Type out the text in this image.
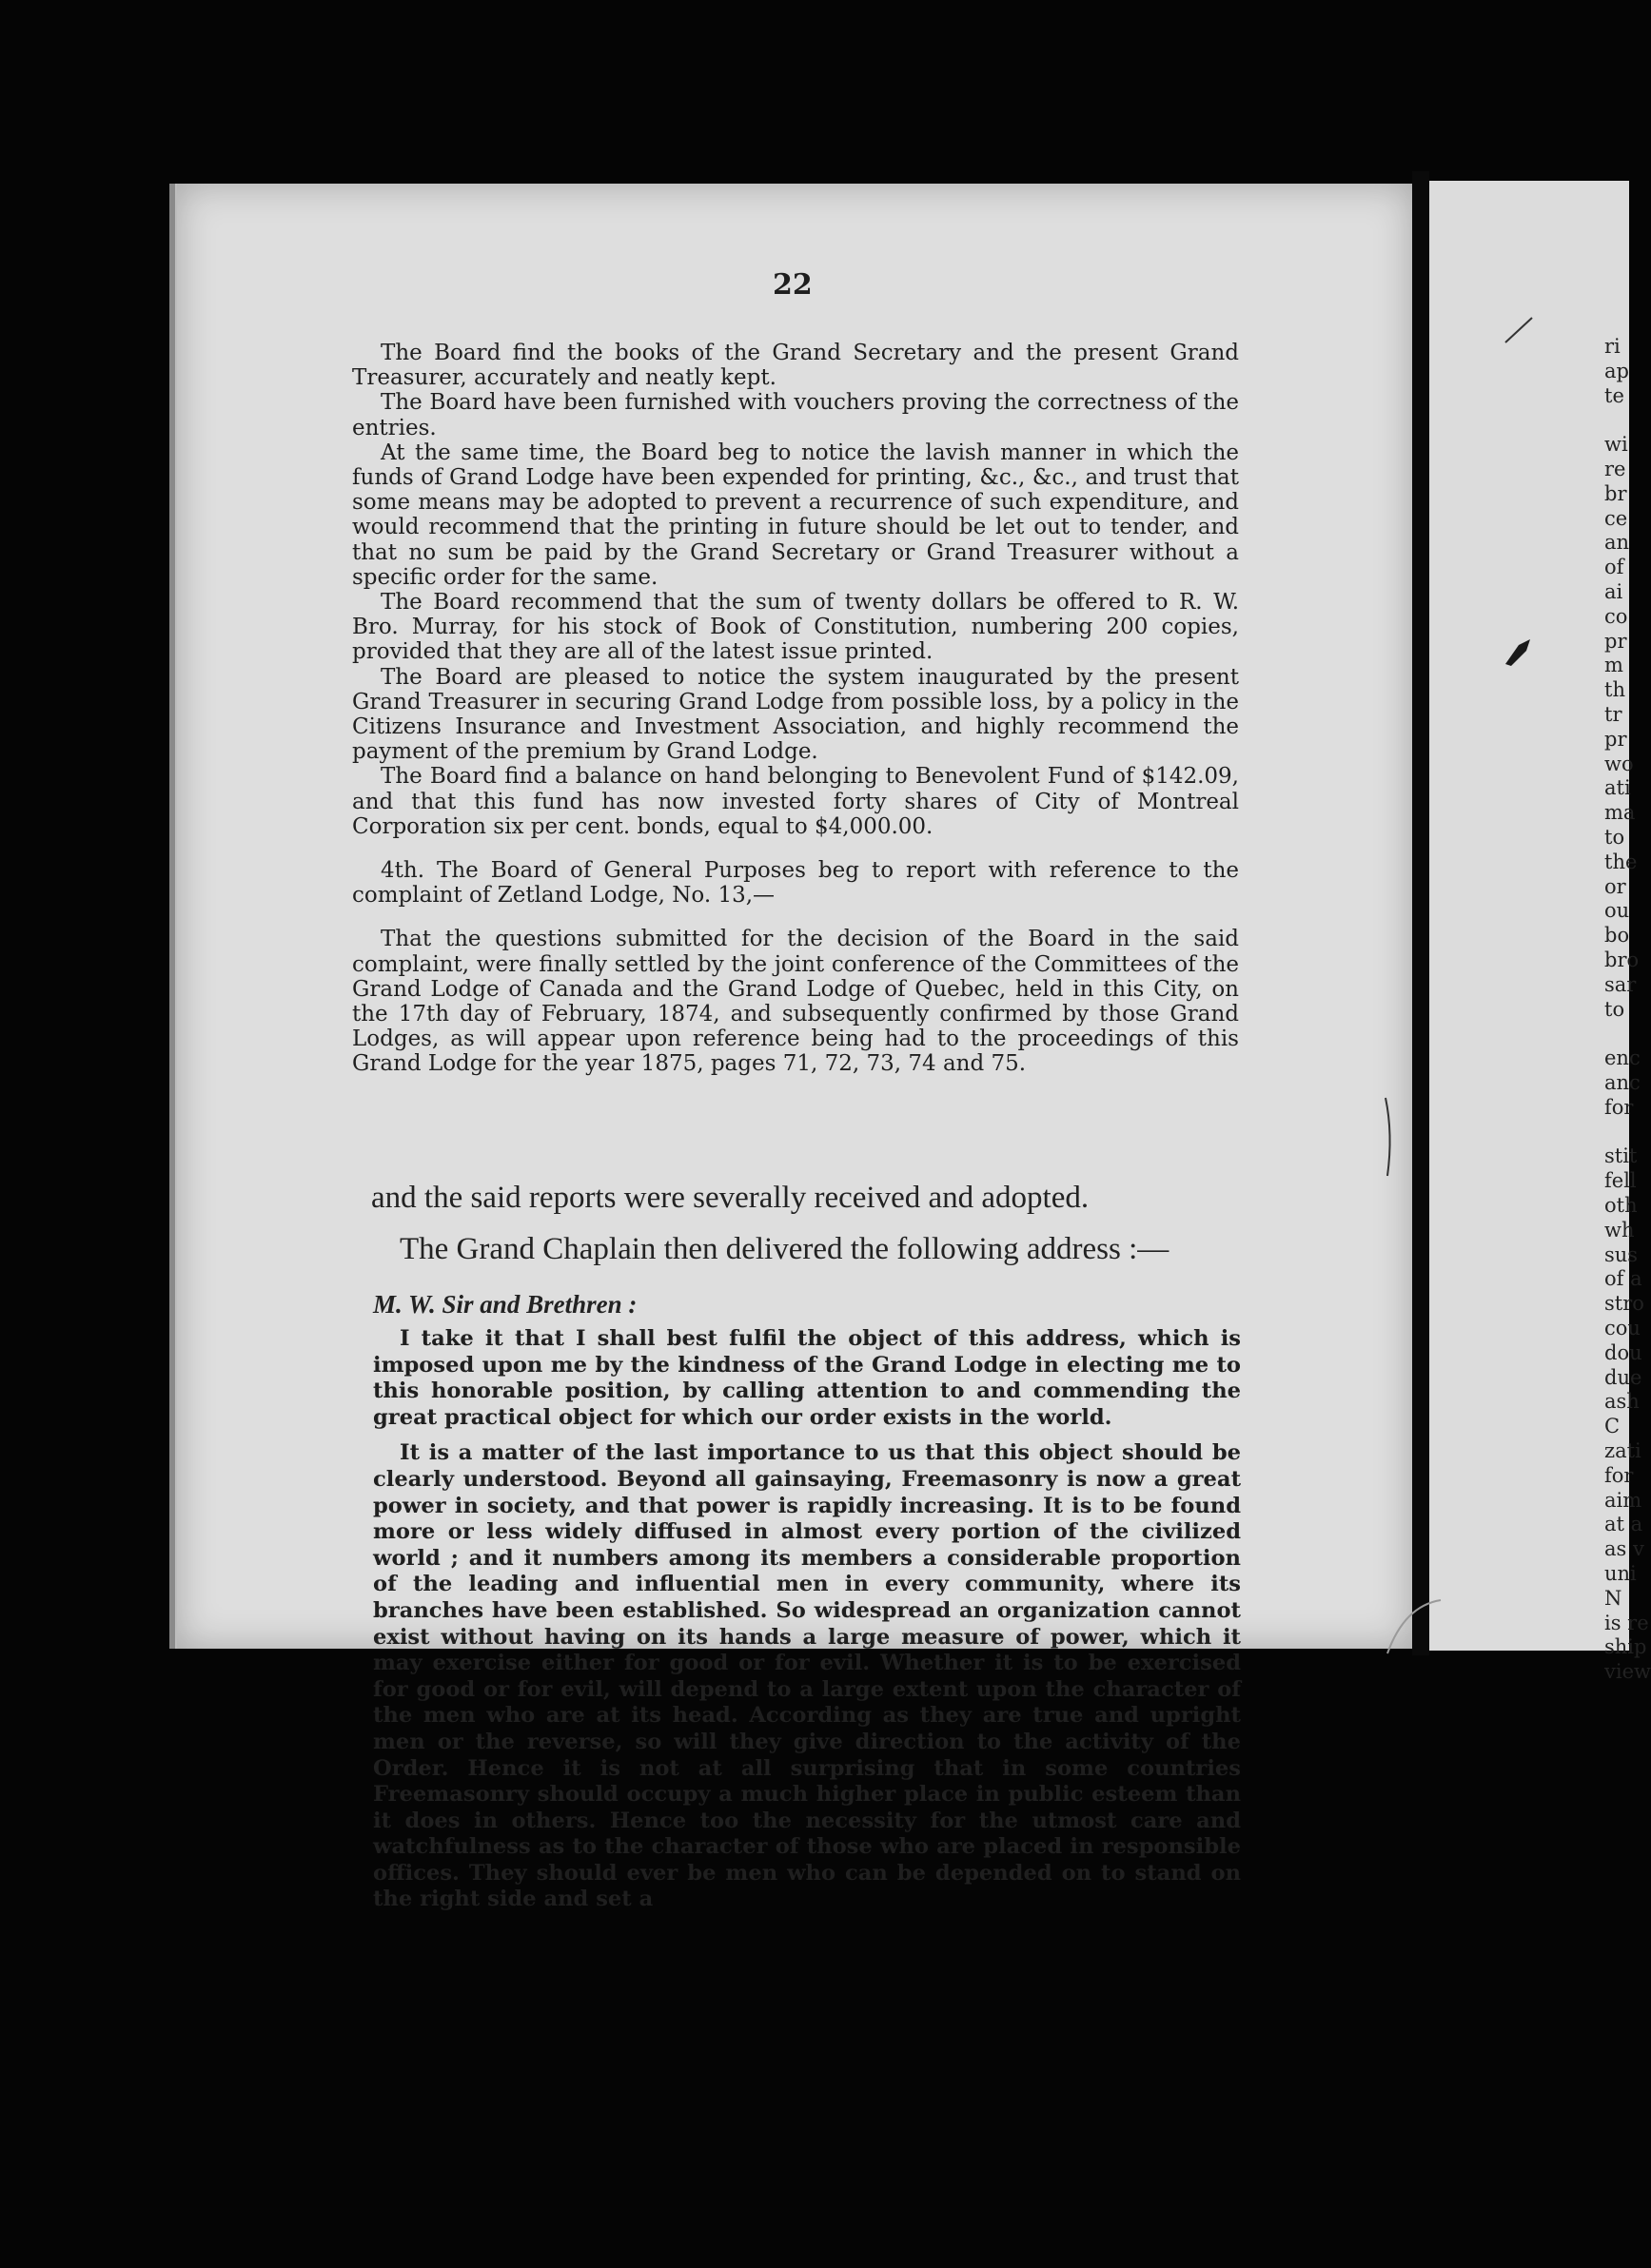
22

The Board find the books of the Grand Secretary and the present Grand Treasurer, accurately and neatly kept.

The Board have been furnished with vouchers proving the correctness of the entries.

At the same time, the Board beg to notice the lavish manner in which the funds of Grand Lodge have been expended for printing, &c., &c., and trust that some means may be adopted to prevent a recurrence of such expenditure, and would recommend that the printing in future should be let out to tender, and that no sum be paid by the Grand Secretary or Grand Treasurer without a specific order for the same.

The Board recommend that the sum of twenty dollars be offered to R. W. Bro. Murray, for his stock of Book of Constitution, numbering 200 copies, provided that they are all of the latest issue printed.

The Board are pleased to notice the system inaugurated by the present Grand Treasurer in securing Grand Lodge from possible loss, by a policy in the Citizens Insurance and Investment Association, and highly recommend the payment of the premium by Grand Lodge.

The Board find a balance on hand belonging to Benevolent Fund of $142.09, and that this fund has now invested forty shares of City of Montreal Corporation six per cent. bonds, equal to $4,000.00.

4th. The Board of General Purposes beg to report with reference to the complaint of Zetland Lodge, No. 13,—

That the questions submitted for the decision of the Board in the said complaint, were finally settled by the joint conference of the Committees of the Grand Lodge of Canada and the Grand Lodge of Quebec, held in this City, on the 17th day of February, 1874, and subsequently confirmed by those Grand Lodges, as will appear upon reference being had to the proceedings of this Grand Lodge for the year 1875, pages 71, 72, 73, 74 and 75.

and the said reports were severally received and adopted.
The Grand Chaplain then delivered the following address :—
M. W. Sir and Brethren :

I take it that I shall best fulfil the object of this address, which is imposed upon me by the kindness of the Grand Lodge in electing me to this honorable position, by calling attention to and commending the great practical object for which our order exists in the world.

It is a matter of the last importance to us that this object should be clearly understood. Beyond all gainsaying, Freemasonry is now a great power in society, and that power is rapidly increasing. It is to be found more or less widely diffused in almost every portion of the civilized world ; and it numbers among its members a considerable proportion of the leading and influential men in every community, where its branches have been established. So widespread an organization cannot exist without having on its hands a large measure of power, which it may exercise either for good or for evil. Whether it is to be exercised for good or for evil, will depend to a large extent upon the character of the men who are at its head. According as they are true and upright men or the reverse, so will they give direction to the activity of the Order. Hence it is not at all surprising that in some countries Freemasonry should occupy a much higher place in public esteem than it does in others. Hence too the necessity for the utmost care and watchfulness as to the character of those who are placed in responsible offices. They should ever be men who can be depended on to stand on the right side and set a

ri
ap
te
wi
re
br
ce
an
of
ai
co
pr
m
th
tr
pr
wo
ati
ma
to
the
or
ou
bo
bro
sar
to
enc
anc
for
stit
fell
oth
wh
sus
of a
stro
cou
dou
due
ash
C
zati
for
aim
at a
as v
uni
N
is re
ship
view
